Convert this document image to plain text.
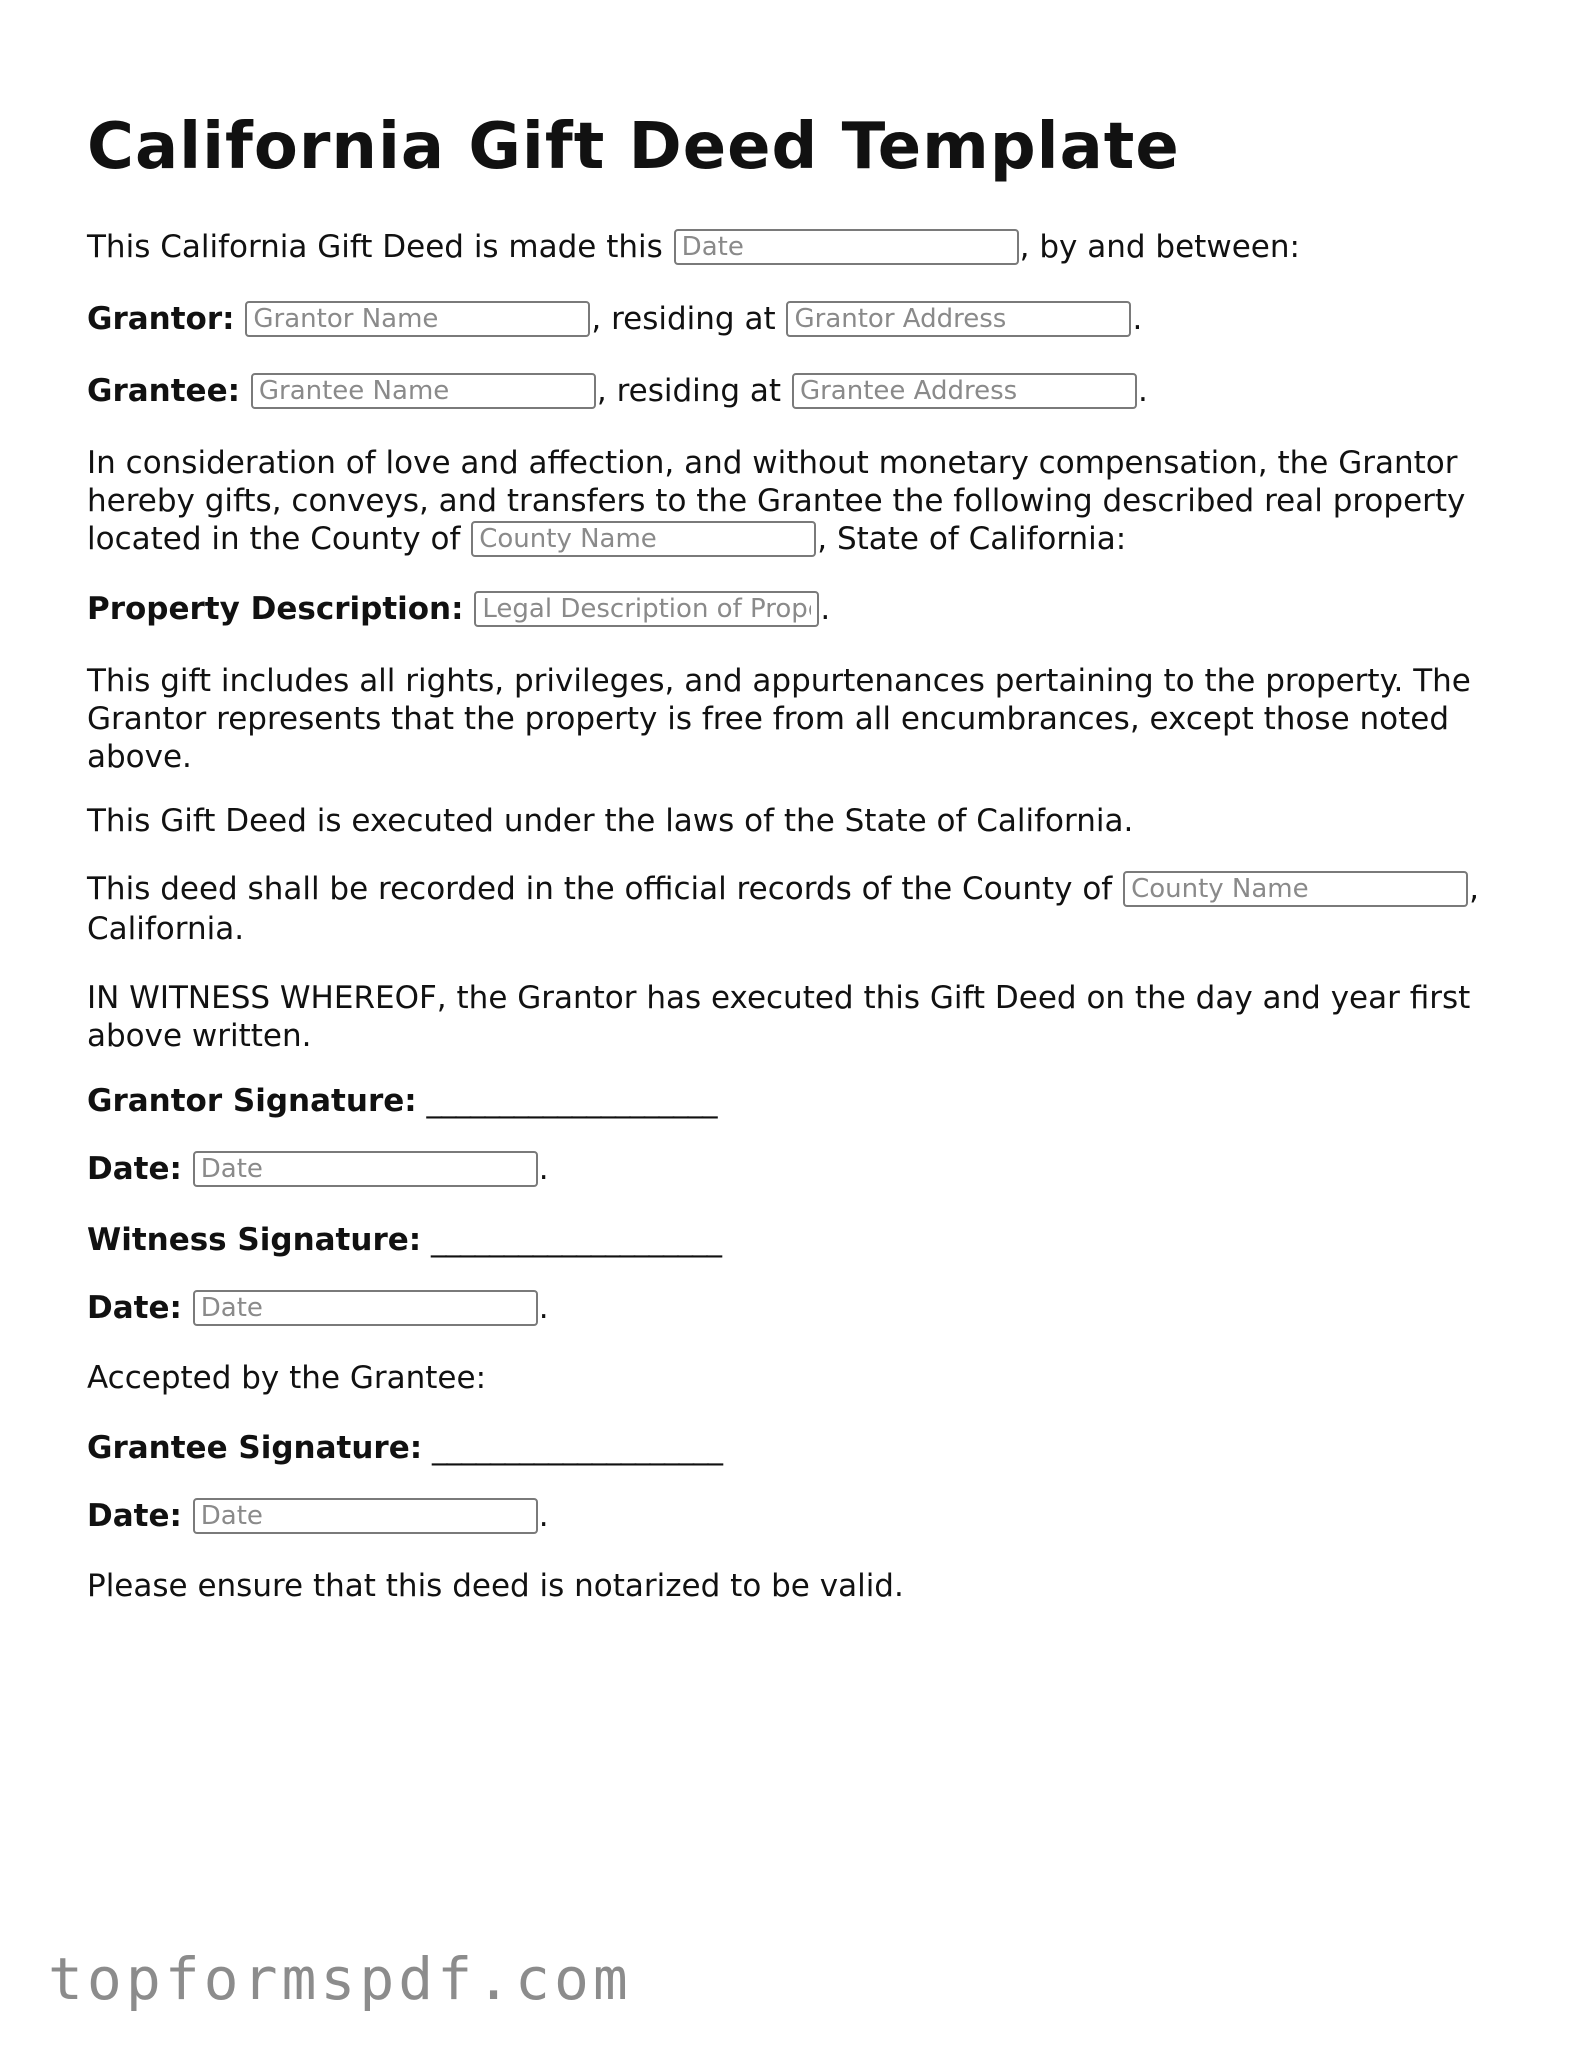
California Gift Deed Template
This California Gift Deed is made this Date	, by and between:
Grantor: Grantor Name	, residing at Grantor Address	.
Grantee: Grantee Name	, residing at Grantee Address	.
In consideration of love and affection, and without monetary compensation, the Grantor hereby gifts, conveys, and transfers to the Grantee the following described real property located in the County of County Name	, State of California:
Property Description: Legal Description of Property	.
This gift includes all rights, privileges, and appurtenances pertaining to the property. The Grantor represents that the property is free from all encumbrances, except those noted above.
This Gift Deed is executed under the laws of the State of California.
This deed shall be recorded in the official records of the County of County Name	,
California.
IN WITNESS WHEREOF, the Grantor has executed this Gift Deed on the day and year first above written.
Grantor Signature: ____________________
Date: Date	.
Witness Signature: ____________________
Date: Date	.
Accepted by the Grantee:
Grantee Signature: ____________________
Date: Date	.
Please ensure that this deed is notarized to be valid.
topformspdf.com
